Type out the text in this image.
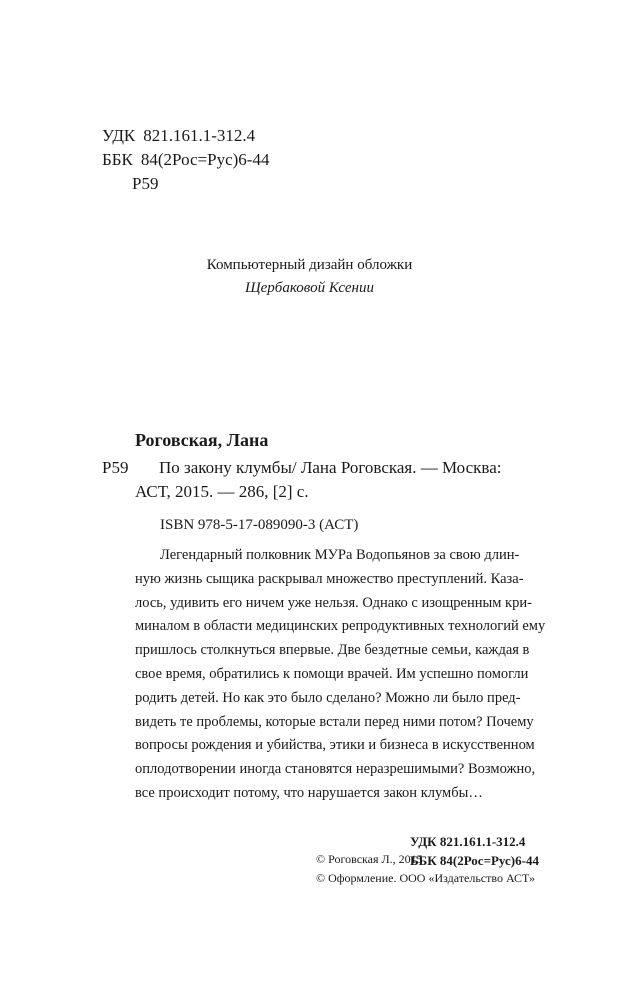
УДК 821.161.1-312.4
ББК 84(2Рос=Рус)6-44
Р59
Компьютерный дизайн обложки
Щербаковой Ксении
Роговская, Лана
Р59	По закону клумбы/ Лана Роговская. — Москва:
АСТ, 2015. — 286, [2] с.
ISBN 978-5-17-089090-3 (АСТ)
Легендарный полковник МУРа Водопьянов за свою длин-
ную жизнь сыщика раскрывал множество преступлений. Каза-
лось, удивить его ничем уже нельзя. Однако с изощренным кри-
миналом в области медицинских репродуктивных технологий ему
пришлось столкнуться впервые. Две бездетные семьи, каждая в
свое время, обратились к помощи врачей. Им успешно помогли
родить детей. Но как это было сделано? Можно ли было пред-
видеть те проблемы, которые встали перед ними потом? Почему
вопросы рождения и убийства, этики и бизнеса в искусственном
оплодотворении иногда становятся неразрешимыми? Возможно,
все происходит потому, что нарушается закон клумбы…
УДК 821.161.1-312.4
ББК 84(2Рос=Рус)6-44
© Роговская Л., 2015
© Оформление. ООО «Издательство АСТ»
